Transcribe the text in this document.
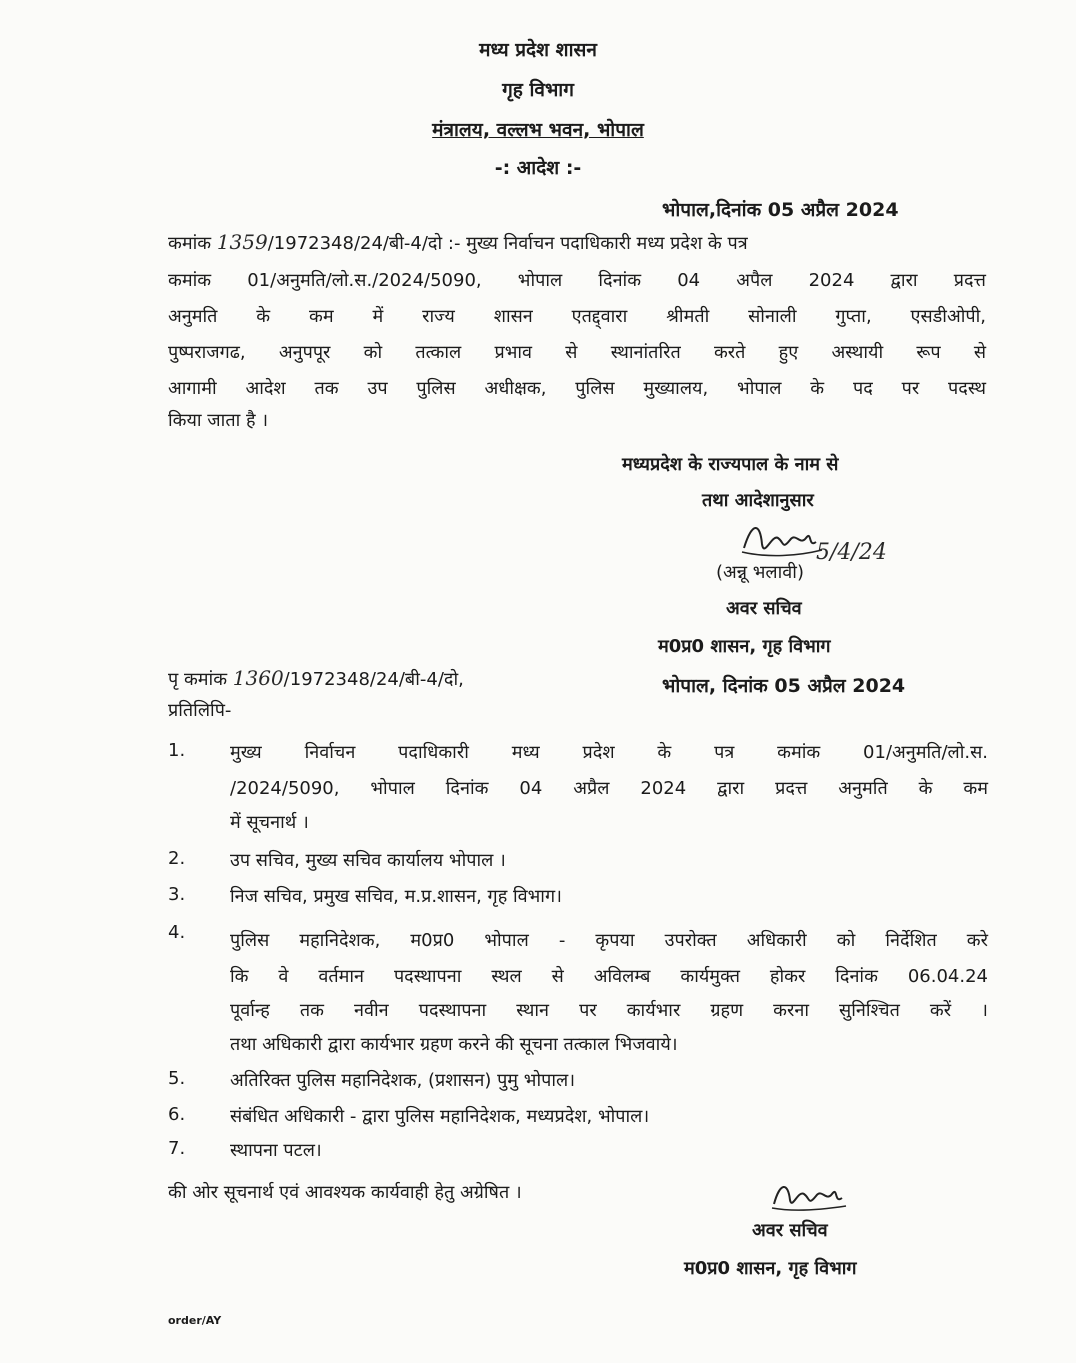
मध्य प्रदेश शासन
गृह विभाग
मंत्रालय, वल्लभ भवन, भोपाल
-: आदेश :-
भोपाल,दिनांक 05 अप्रैल 2024
कमांक 1359/1972348/24/बी-4/दो :- मुख्य निर्वाचन पदाधिकारी मध्य प्रदेश के पत्र
कमांक 01/अनुमति/लो.स./2024/5090, भोपाल दिनांक 04 अपैल 2024 द्वारा प्रदत्त
अनुमति के कम में राज्य शासन एतद्द्वारा श्रीमती सोनाली गुप्ता, एसडीओपी,
पुष्पराजगढ, अनुपपूर को तत्काल प्रभाव से स्थानांतरित करते हुए अस्थायी रूप से
आगामी आदेश तक उप पुलिस अधीक्षक, पुलिस मुख्यालय, भोपाल के पद पर पदस्थ
किया जाता है ।
मध्यप्रदेश के राज्यपाल के नाम से
तथा आदेशानुसार
5/4/24
(अन्नू भलावी)
अवर सचिव
म0प्र0 शासन, गृह विभाग
पृ कमांक 1360/1972348/24/बी-4/दो,	भोपाल, दिनांक 05 अप्रैल 2024
प्रतिलिपि-
1. मुख्य निर्वाचन पदाधिकारी मध्य प्रदेश के पत्र कमांक 01/अनुमति/लो.स.
/2024/5090, भोपाल दिनांक 04 अप्रैल 2024 द्वारा प्रदत्त अनुमति के कम
में सूचनार्थ ।
2. उप सचिव, मुख्य सचिव कार्यालय भोपाल ।
3. निज सचिव, प्रमुख सचिव, म.प्र.शासन, गृह विभाग।
4. पुलिस महानिदेशक, म0प्र0 भोपाल - कृपया उपरोक्त अधिकारी को निर्देशित करे
कि वे वर्तमान पदस्थापना स्थल से अविलम्ब कार्यमुक्त होकर दिनांक 06.04.24
पूर्वान्ह तक नवीन पदस्थापना स्थान पर कार्यभार ग्रहण करना सुनिश्चित करें ।
तथा अधिकारी द्वारा कार्यभार ग्रहण करने की सूचना तत्काल भिजवाये।
5. अतिरिक्त पुलिस महानिदेशक, (प्रशासन) पुमु भोपाल।
6. संबंधित अधिकारी - द्वारा पुलिस महानिदेशक, मध्यप्रदेश, भोपाल।
7. स्थापना पटल।
की ओर सूचनार्थ एवं आवश्यक कार्यवाही हेतु अग्रेषित ।
अवर सचिव
म0प्र0 शासन, गृह विभाग
order/AY
